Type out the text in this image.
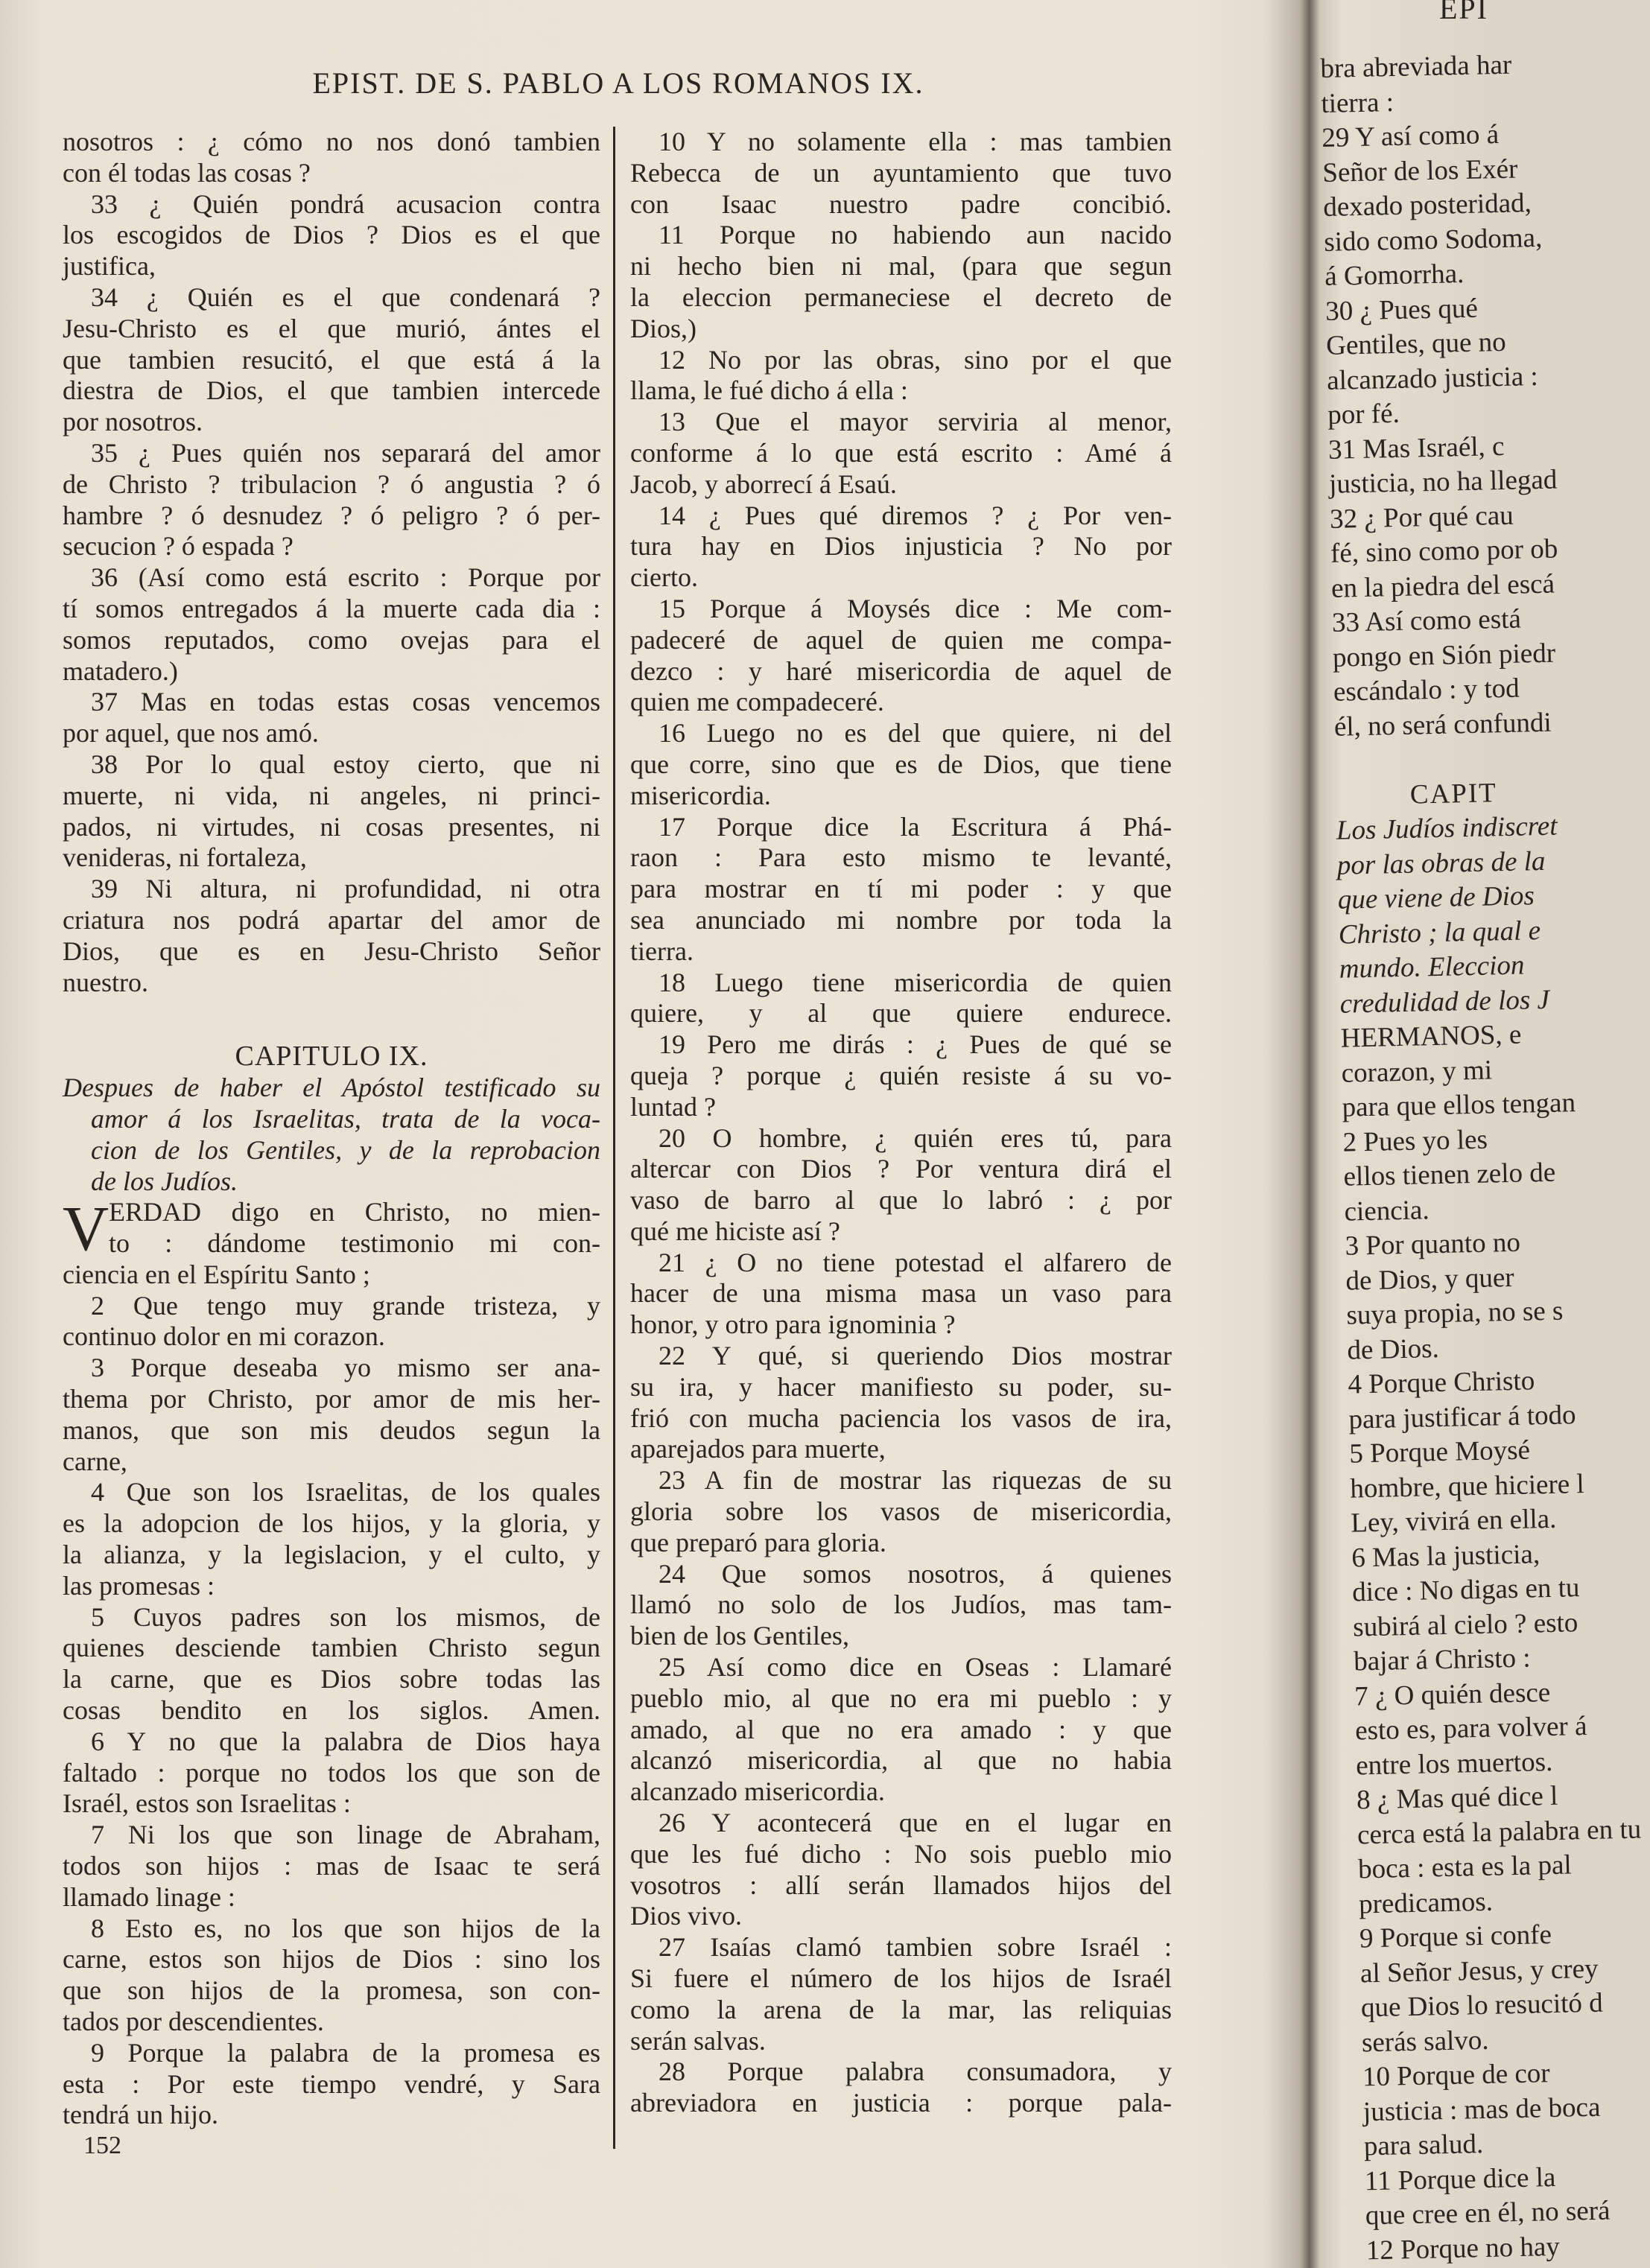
EPIST. DE S. PABLO A LOS ROMANOS IX.
nosotros : ¿ cómo no nos donó tambien
con él todas las cosas ?
33 ¿ Quién pondrá acusacion contra
los escogidos de Dios ? Dios es el que
justifica,
34 ¿ Quién es el que condenará ?
Jesu-Christo es el que murió, ántes el
que tambien resucitó, el que está á la
diestra de Dios, el que tambien intercede
por nosotros.
35 ¿ Pues quién nos separará del amor
de Christo ? tribulacion ? ó angustia ? ó
hambre ? ó desnudez ? ó peligro ? ó per-
secucion ? ó espada ?
36 (Así como está escrito : Porque por
tí somos entregados á la muerte cada dia :
somos reputados, como ovejas para el
matadero.)
37 Mas en todas estas cosas vencemos
por aquel, que nos amó.
38 Por lo qual estoy cierto, que ni
muerte, ni vida, ni angeles, ni princi-
pados, ni virtudes, ni cosas presentes, ni
venideras, ni fortaleza,
39 Ni altura, ni profundidad, ni otra
criatura nos podrá apartar del amor de
Dios, que es en Jesu-Christo Señor
nuestro.
CAPITULO IX.
Despues de haber el Apóstol testificado su
amor á los Israelitas, trata de la voca-
cion de los Gentiles, y de la reprobacion
de los Judíos.
V ERDAD digo en Christo, no mien-
to : dándome testimonio mi con-
ciencia en el Espíritu Santo ;
2 Que tengo muy grande tristeza, y
continuo dolor en mi corazon.
3 Porque deseaba yo mismo ser ana-
thema por Christo, por amor de mis her-
manos, que son mis deudos segun la
carne,
4 Que son los Israelitas, de los quales
es la adopcion de los hijos, y la gloria, y
la alianza, y la legislacion, y el culto, y
las promesas :
5 Cuyos padres son los mismos, de
quienes desciende tambien Christo segun
la carne, que es Dios sobre todas las
cosas bendito en los siglos. Amen.
6 Y no que la palabra de Dios haya
faltado : porque no todos los que son de
Israél, estos son Israelitas :
7 Ni los que son linage de Abraham,
todos son hijos : mas de Isaac te será
llamado linage :
8 Esto es, no los que son hijos de la
carne, estos son hijos de Dios : sino los
que son hijos de la promesa, son con-
tados por descendientes.
9 Porque la palabra de la promesa es
esta : Por este tiempo vendré, y Sara
tendrá un hijo.
10 Y no solamente ella : mas tambien
Rebecca de un ayuntamiento que tuvo
con Isaac nuestro padre concibió.
11 Porque no habiendo aun nacido
ni hecho bien ni mal, (para que segun
la eleccion permaneciese el decreto de
Dios,)
12 No por las obras, sino por el que
llama, le fué dicho á ella :
13 Que el mayor serviria al menor,
conforme á lo que está escrito : Amé á
Jacob, y aborrecí á Esaú.
14 ¿ Pues qué diremos ? ¿ Por ven-
tura hay en Dios injusticia ? No por
cierto.
15 Porque á Moysés dice : Me com-
padeceré de aquel de quien me compa-
dezco : y haré misericordia de aquel de
quien me compadeceré.
16 Luego no es del que quiere, ni del
que corre, sino que es de Dios, que tiene
misericordia.
17 Porque dice la Escritura á Phá-
raon : Para esto mismo te levanté,
para mostrar en tí mi poder : y que
sea anunciado mi nombre por toda la
tierra.
18 Luego tiene misericordia de quien
quiere, y al que quiere endurece.
19 Pero me dirás : ¿ Pues de qué se
queja ? porque ¿ quién resiste á su vo-
luntad ?
20 O hombre, ¿ quién eres tú, para
altercar con Dios ? Por ventura dirá el
vaso de barro al que lo labró : ¿ por
qué me hiciste así ?
21 ¿ O no tiene potestad el alfarero de
hacer de una misma masa un vaso para
honor, y otro para ignominia ?
22 Y qué, si queriendo Dios mostrar
su ira, y hacer manifiesto su poder, su-
frió con mucha paciencia los vasos de ira,
aparejados para muerte,
23 A fin de mostrar las riquezas de su
gloria sobre los vasos de misericordia,
que preparó para gloria.
24 Que somos nosotros, á quienes
llamó no solo de los Judíos, mas tam-
bien de los Gentiles,
25 Así como dice en Oseas : Llamaré
pueblo mio, al que no era mi pueblo : y
amado, al que no era amado : y que
alcanzó misericordia, al que no habia
alcanzado misericordia.
26 Y acontecerá que en el lugar en
que les fué dicho : No sois pueblo mio
vosotros : allí serán llamados hijos del
Dios vivo.
27 Isaías clamó tambien sobre Israél :
Si fuere el número de los hijos de Israél
como la arena de la mar, las reliquias
serán salvas.
28 Porque palabra consumadora, y
abreviadora en justicia : porque pala-
152
EPI
bra abreviada har
tierra :
29 Y así como á
Señor de los Exér
dexado posteridad,
sido como Sodoma,
á Gomorrha.
30 ¿ Pues qué
Gentiles, que no
alcanzado justicia :
por fé.
31 Mas Israél, c
justicia, no ha llegad
32 ¿ Por qué cau
fé, sino como por ob
en la piedra del escá
33 Así como está
pongo en Sión piedr
escándalo : y tod
él, no será confundi
CAPIT
Los Judíos indiscret
por las obras de la
que viene de Dios
Christo ; la qual e
mundo. Eleccion
credulidad de los J
HERMANOS, e
corazon, y mi
para que ellos tengan
2 Pues yo les
ellos tienen zelo de
ciencia.
3 Por quanto no
de Dios, y quer
suya propia, no se s
de Dios.
4 Porque Christo
para justificar á todo
5 Porque Moysé
hombre, que hiciere l
Ley, vivirá en ella.
6 Mas la justicia,
dice : No digas en tu
subirá al cielo ? esto
bajar á Christo :
7 ¿ O quién desce
esto es, para volver á
entre los muertos.
8 ¿ Mas qué dice l
cerca está la palabra en tu
boca : esta es la pal
predicamos.
9 Porque si confe
al Señor Jesus, y crey
que Dios lo resucitó d
serás salvo.
10 Porque de cor
justicia : mas de boca
para salud.
11 Porque dice la
que cree en él, no será
12 Porque no hay
